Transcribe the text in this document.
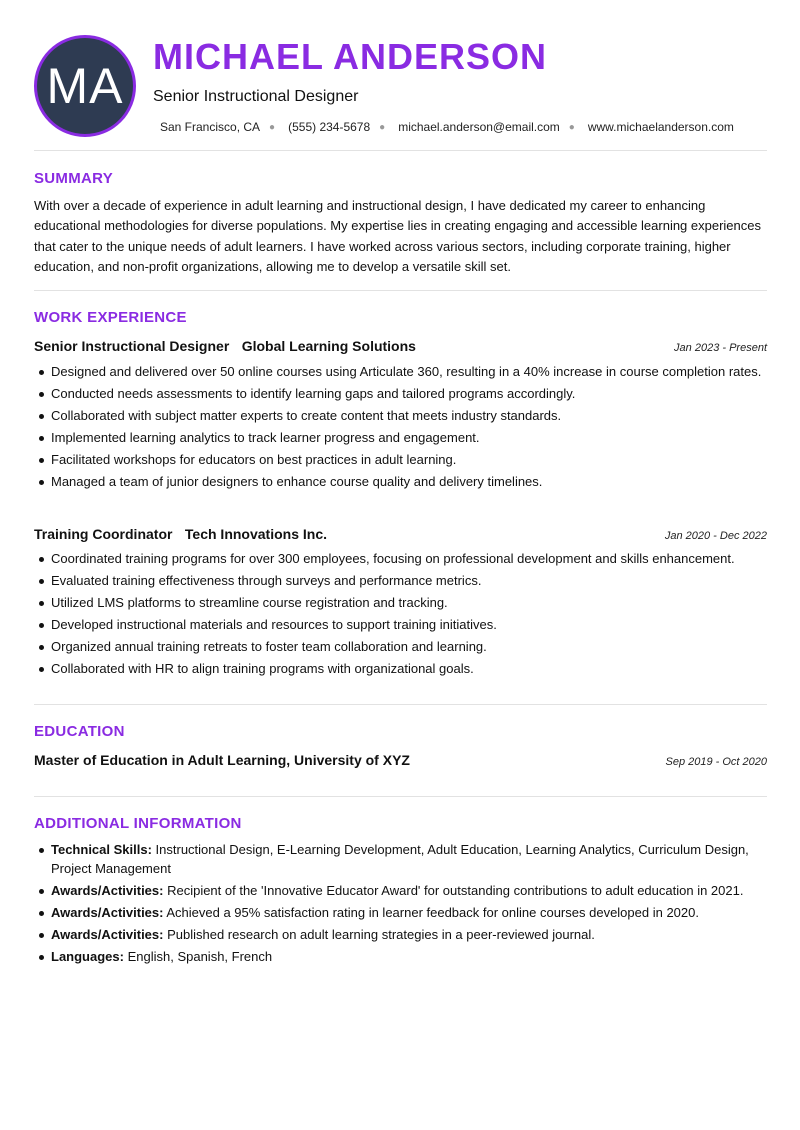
MA
MICHAEL ANDERSON
Senior Instructional Designer
San Francisco, CA ● (555) 234-5678 ● michael.anderson@email.com ● www.michaelanderson.com
SUMMARY
With over a decade of experience in adult learning and instructional design, I have dedicated my career to enhancing educational methodologies for diverse populations. My expertise lies in creating engaging and accessible learning experiences that cater to the unique needs of adult learners. I have worked across various sectors, including corporate training, higher education, and non-profit organizations, allowing me to develop a versatile skill set.
WORK EXPERIENCE
Senior Instructional Designer Global Learning Solutions	Jan 2023 - Present
Designed and delivered over 50 online courses using Articulate 360, resulting in a 40% increase in course completion rates.
Conducted needs assessments to identify learning gaps and tailored programs accordingly.
Collaborated with subject matter experts to create content that meets industry standards.
Implemented learning analytics to track learner progress and engagement.
Facilitated workshops for educators on best practices in adult learning.
Managed a team of junior designers to enhance course quality and delivery timelines.
Training Coordinator Tech Innovations Inc.	Jan 2020 - Dec 2022
Coordinated training programs for over 300 employees, focusing on professional development and skills enhancement.
Evaluated training effectiveness through surveys and performance metrics.
Utilized LMS platforms to streamline course registration and tracking.
Developed instructional materials and resources to support training initiatives.
Organized annual training retreats to foster team collaboration and learning.
Collaborated with HR to align training programs with organizational goals.
EDUCATION
Master of Education in Adult Learning, University of XYZ	Sep 2019 - Oct 2020
ADDITIONAL INFORMATION
Technical Skills: Instructional Design, E-Learning Development, Adult Education, Learning Analytics, Curriculum Design, Project Management
Awards/Activities: Recipient of the 'Innovative Educator Award' for outstanding contributions to adult education in 2021.
Awards/Activities: Achieved a 95% satisfaction rating in learner feedback for online courses developed in 2020.
Awards/Activities: Published research on adult learning strategies in a peer-reviewed journal.
Languages: English, Spanish, French
